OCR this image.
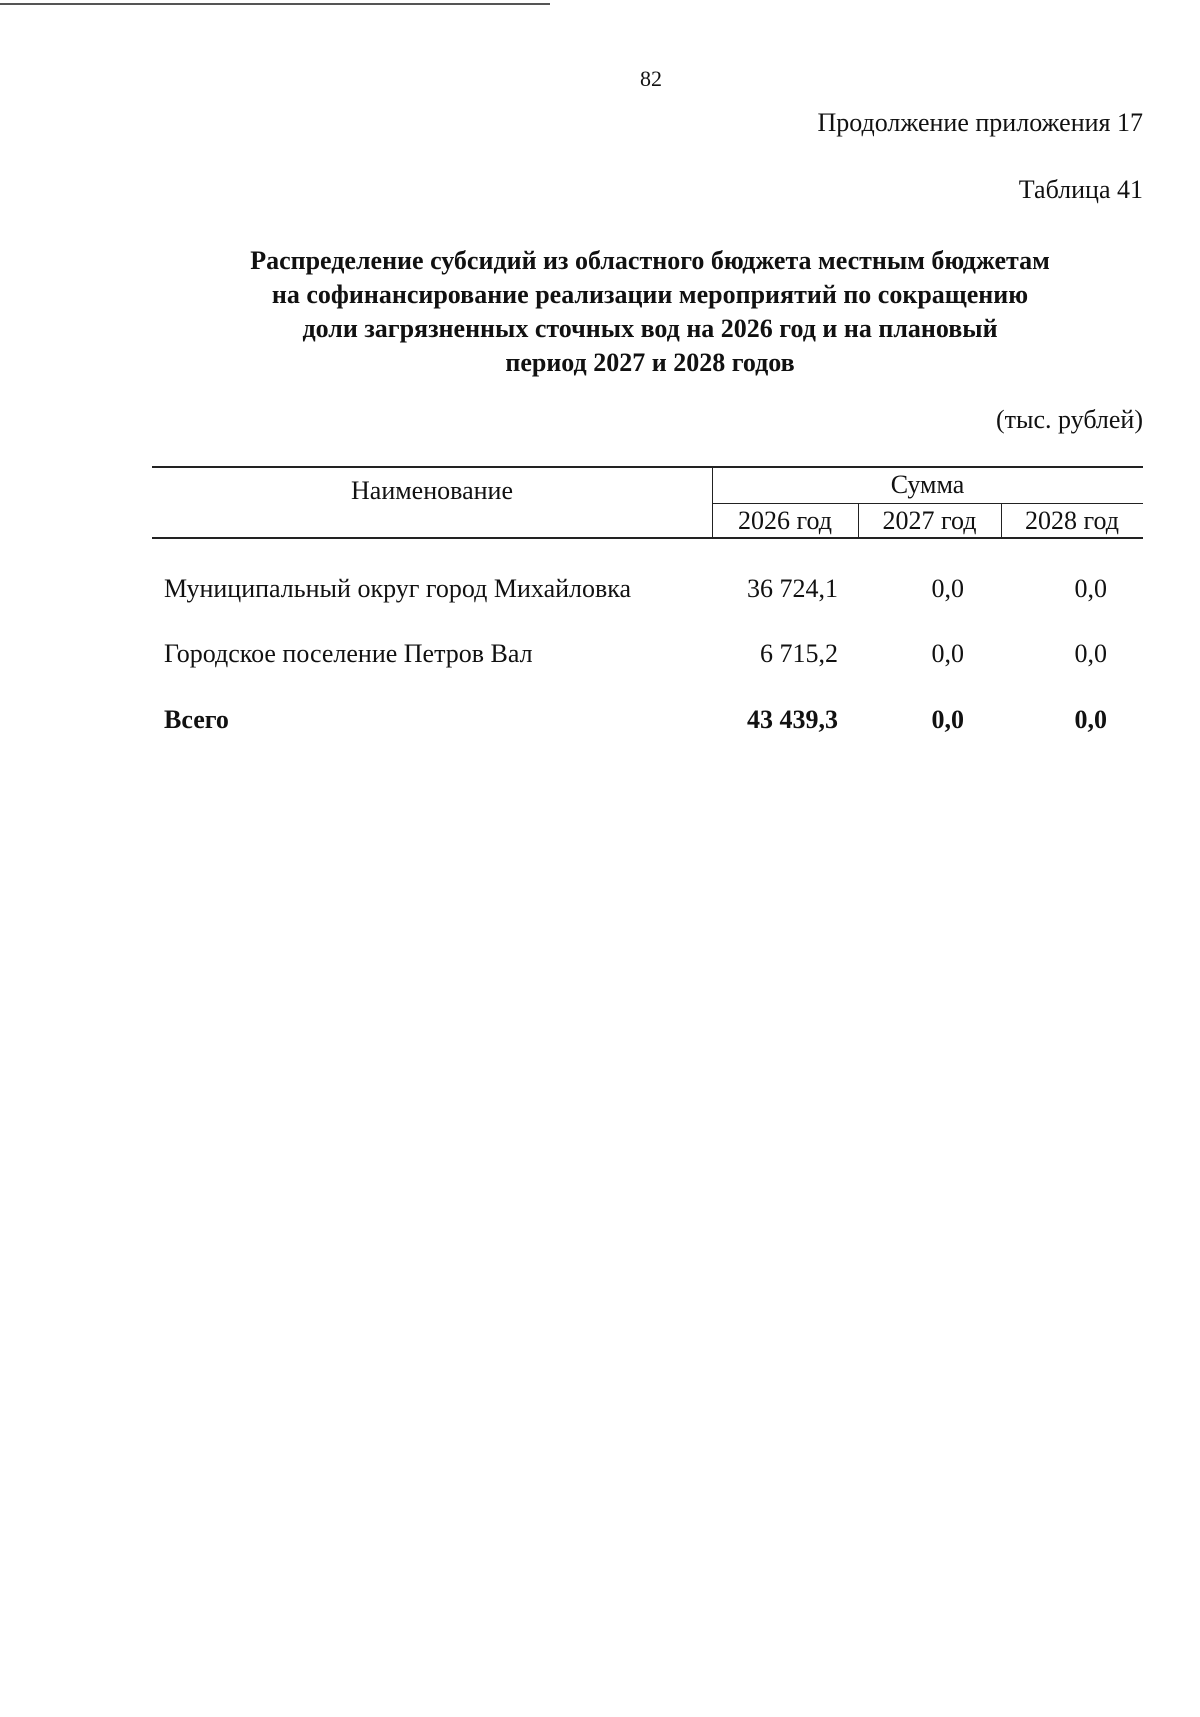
82
Продолжение приложения 17
Таблица 41
Распределение субсидий из областного бюджета местным бюджетам
на софинансирование реализации мероприятий по сокращению
доли загрязненных сточных вод на 2026 год и на плановый
период 2027 и 2028 годов
(тыс. рублей)
Наименование	Сумма
2026 год	2027 год	2028 год
Муниципальный округ город Михайловка	36 724,1	0,0	0,0
Городское поселение Петров Вал	6 715,2	0,0	0,0
Всего	43 439,3	0,0	0,0
